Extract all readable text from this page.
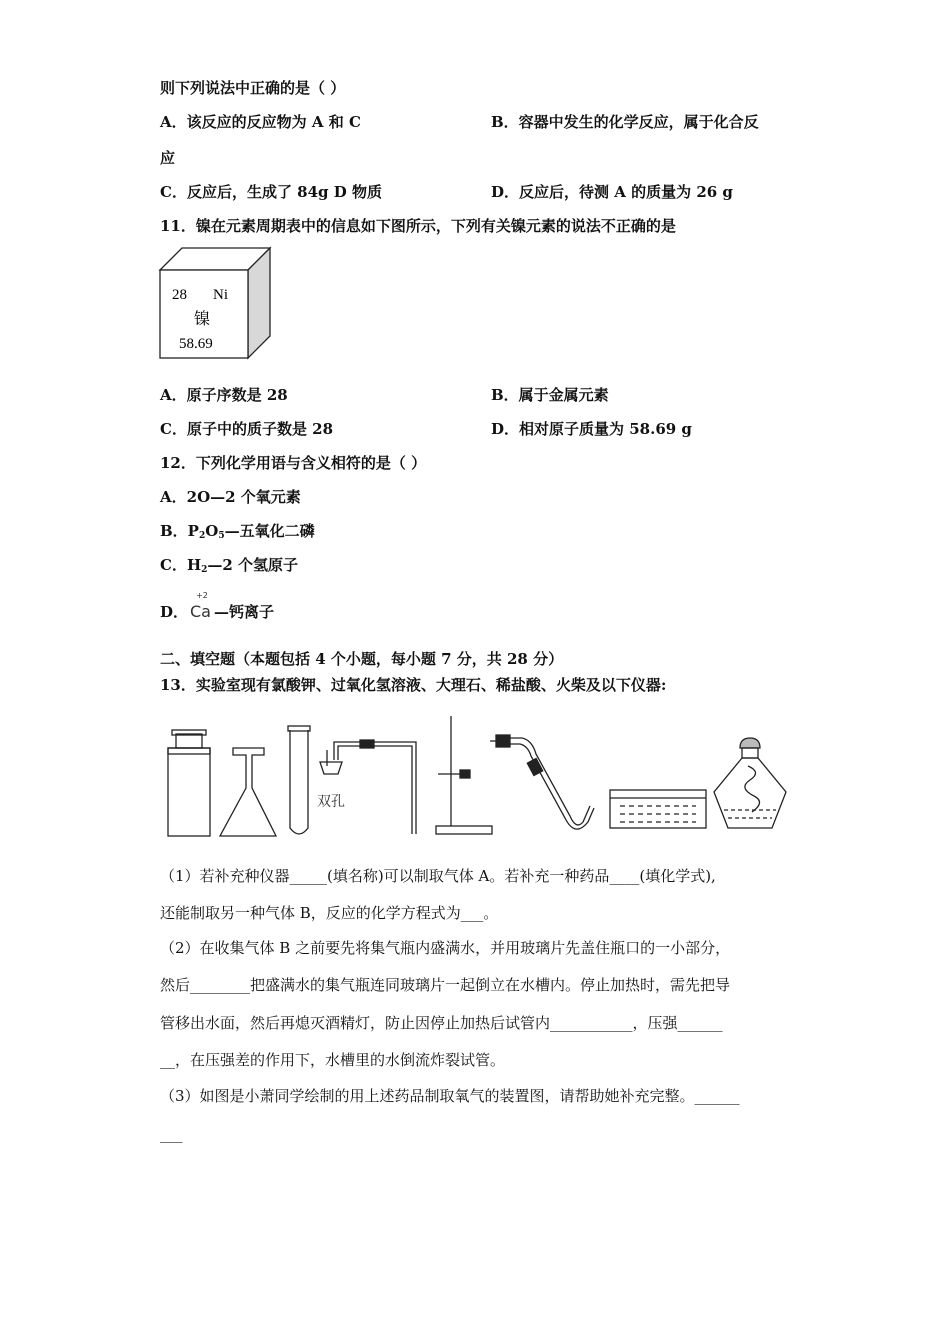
则下列说法中正确的是（ ）
A．该反应的反应物为 A 和 C	B．容器中发生的化学反应，属于化合反
应
C．反应后，生成了 84g D 物质	D．反应后，待测 A 的质量为 26 g
11．镍在元素周期表中的信息如下图所示，下列有关镍元素的说法不正确的是
28 Ni
镍
58.69
A．原子序数是 28	B．属于金属元素
C．原子中的质子数是 28	D．相对原子质量为 58.69 g
12．下列化学用语与含义相符的是（ ）
A．2O—2 个氧元素
B．$P_2O_5—$五氧化二磷
C．$H_2—2$ 个氢原子
D．
+2
Ca —钙离子
二、填空题（本题包括 4 个小题，每小题 7 分，共 28 分）
13．实验室现有氯酸钾、过氧化氢溶液、大理石、稀盐酸、火柴及以下仪器:
双孔
（1）若补充种仪器_____(填名称)可以制取气体 A。若补充一种药品____(填化学式),
还能制取另一种气体 B，反应的化学方程式为___。
（2）在收集气体 B 之前要先将集气瓶内盛满水，并用玻璃片先盖住瓶口的一小部分，
然后________把盛满水的集气瓶连同玻璃片一起倒立在水槽内。停止加热时，需先把导
管移出水面，然后再熄灭酒精灯，防止因停止加热后试管内___________，压强______
__，在压强差的作用下，水槽里的水倒流炸裂试管。
（3）如图是小萧同学绘制的用上述药品制取氧气的装置图，请帮助她补充完整。______
___
